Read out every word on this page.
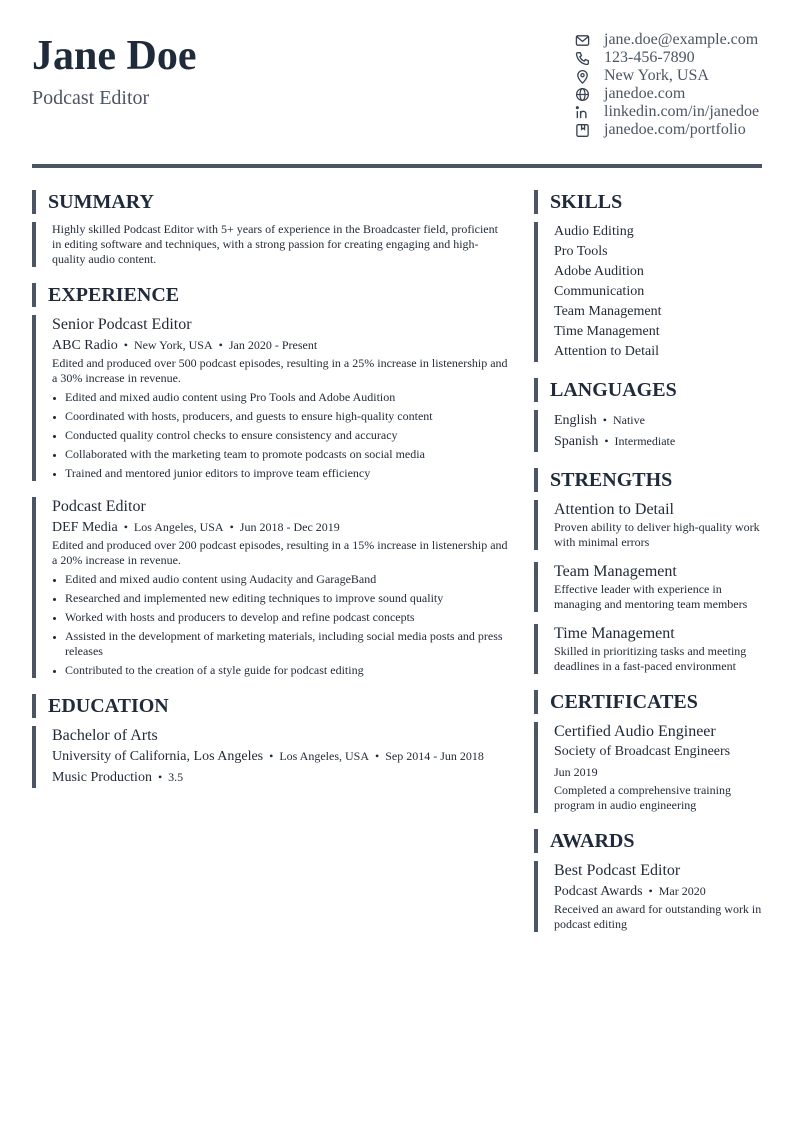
Jane Doe
Podcast Editor
jane.doe@example.com
123-456-7890
New York, USA
janedoe.com
linkedin.com/in/janedoe
janedoe.com/portfolio
SUMMARY
Highly skilled Podcast Editor with 5+ years of experience in the Broadcaster field, proficient in editing software and techniques, with a strong passion for creating engaging and high-quality audio content.
EXPERIENCE
Senior Podcast Editor
ABC Radio • New York, USA • Jan 2020 - Present
Edited and produced over 500 podcast episodes, resulting in a 25% increase in listenership and a 30% increase in revenue.
• Edited and mixed audio content using Pro Tools and Adobe Audition
• Coordinated with hosts, producers, and guests to ensure high-quality content
• Conducted quality control checks to ensure consistency and accuracy
• Collaborated with the marketing team to promote podcasts on social media
• Trained and mentored junior editors to improve team efficiency
Podcast Editor
DEF Media • Los Angeles, USA • Jun 2018 - Dec 2019
Edited and produced over 200 podcast episodes, resulting in a 15% increase in listenership and a 20% increase in revenue.
• Edited and mixed audio content using Audacity and GarageBand
• Researched and implemented new editing techniques to improve sound quality
• Worked with hosts and producers to develop and refine podcast concepts
• Assisted in the development of marketing materials, including social media posts and press releases
• Contributed to the creation of a style guide for podcast editing
EDUCATION
Bachelor of Arts
University of California, Los Angeles • Los Angeles, USA • Sep 2014 - Jun 2018
Music Production • 3.5
SKILLS
Audio Editing
Pro Tools
Adobe Audition
Communication
Team Management
Time Management
Attention to Detail
LANGUAGES
English • Native
Spanish • Intermediate
STRENGTHS
Attention to Detail
Proven ability to deliver high-quality work with minimal errors
Team Management
Effective leader with experience in managing and mentoring team members
Time Management
Skilled in prioritizing tasks and meeting deadlines in a fast-paced environment
CERTIFICATES
Certified Audio Engineer
Society of Broadcast Engineers
Jun 2019
Completed a comprehensive training program in audio engineering
AWARDS
Best Podcast Editor
Podcast Awards • Mar 2020
Received an award for outstanding work in podcast editing
